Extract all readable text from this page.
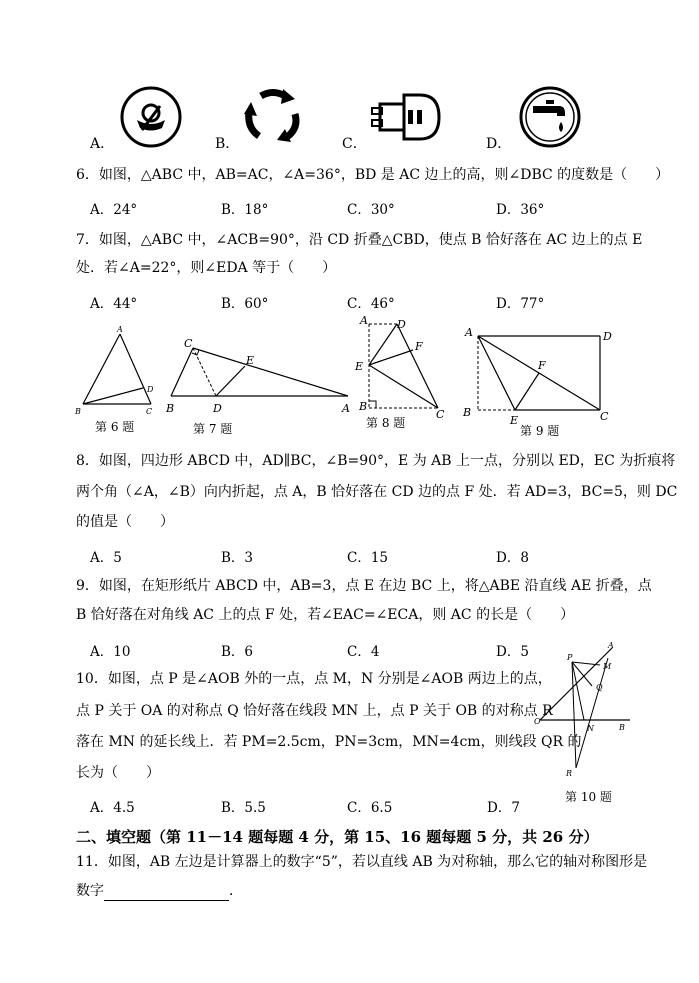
A．	B．	C．	D．
6．如图，△ABC 中，AB=AC，∠A=36°，BD 是 AC 边上的高，则∠DBC 的度数是（　　）
A．24°	B．18°	C．30°	D．36°
7．如图，△ABC 中，∠ACB=90°，沿 CD 折叠△CBD，使点 B 恰好落在 AC 边上的点 E
处．若∠A=22°，则∠EDA 等于（　　）
A．44°	B．60°	C．46°	D．77°
A
B	C
D
C
E
B	D	A
A	D
F
E
B
C
A	D
F
B
E	C
第 6 题	第 7 题	第 8 题
第 9 题
8．如图，四边形 ABCD 中，AD∥BC，∠B=90°，E 为 AB 上一点，分别以 ED，EC 为折痕将
两个角（∠A，∠B）向内折起，点 A，B 恰好落在 CD 边的点 F 处．若 AD=3，BC=5，则 DC
的值是（　　）
A．5	B．3	C．15	D．8
9．如图，在矩形纸片 ABCD 中，AB=3，点 E 在边 BC 上，将△ABE 沿直线 AE 折叠，点
B 恰好落在对角线 AC 上的点 F 处，若∠EAC=∠ECA，则 AC 的长是（　　）
A．10	B．6	C．4	D．5	P
A
M
Q
O
N	B
R
第 10 题
10．如图，点 P 是∠AOB 外的一点，点 M，N 分别是∠AOB 两边上的点，
点 P 关于 OA 的对称点 Q 恰好落在线段 MN 上，点 P 关于 OB 的对称点 R
落在 MN 的延长线上．若 PM=2.5cm，PN=3cm，MN=4cm，则线段 QR 的
长为（　　）
A．4.5	B．5.5	C．6.5	D．7
二、填空题（第 11－14 题每题 4 分，第 15、16 题每题 5 分，共 26 分）
11．如图，AB 左边是计算器上的数字“5”，若以直线 AB 为对称轴，那么它的轴对称图形是
数字	．
